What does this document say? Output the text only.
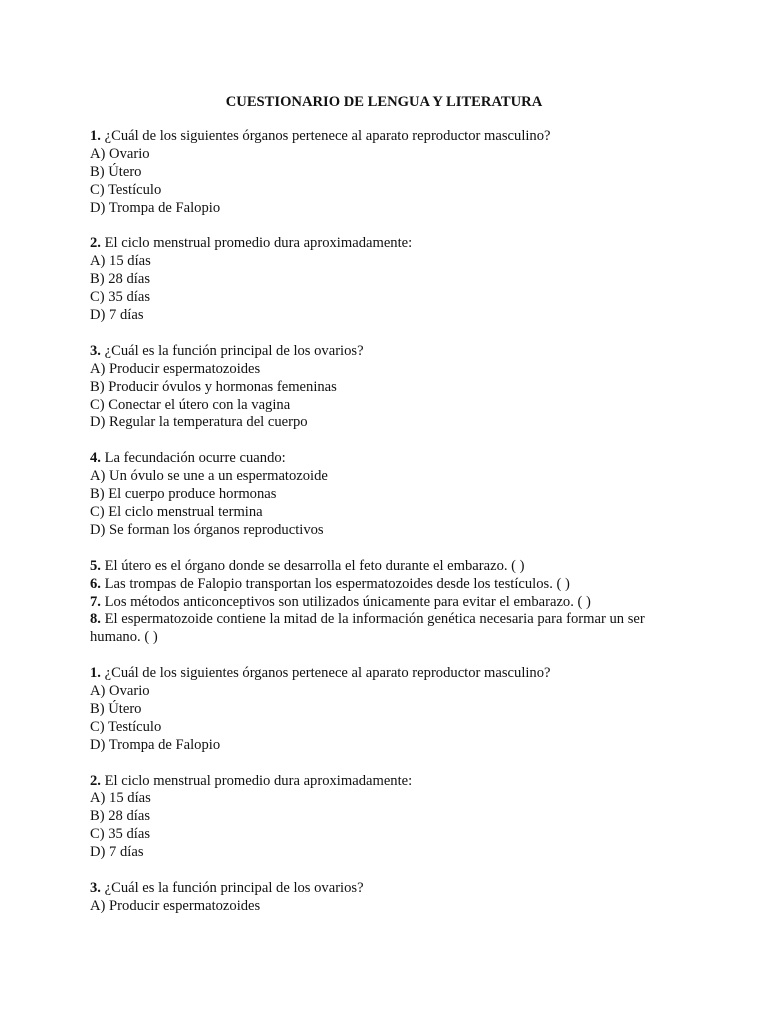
CUESTIONARIO DE LENGUA Y LITERATURA
1. ¿Cuál de los siguientes órganos pertenece al aparato reproductor masculino?
A) Ovario
B) Útero
C) Testículo
D) Trompa de Falopio
2. El ciclo menstrual promedio dura aproximadamente:
A) 15 días
B) 28 días
C) 35 días
D) 7 días
3. ¿Cuál es la función principal de los ovarios?
A) Producir espermatozoides
B) Producir óvulos y hormonas femeninas
C) Conectar el útero con la vagina
D) Regular la temperatura del cuerpo
4. La fecundación ocurre cuando:
A) Un óvulo se une a un espermatozoide
B) El cuerpo produce hormonas
C) El ciclo menstrual termina
D) Se forman los órganos reproductivos
5. El útero es el órgano donde se desarrolla el feto durante el embarazo. ( )
6. Las trompas de Falopio transportan los espermatozoides desde los testículos. ( )
7. Los métodos anticonceptivos son utilizados únicamente para evitar el embarazo. ( )
8. El espermatozoide contiene la mitad de la información genética necesaria para formar un ser humano. ( )
1. ¿Cuál de los siguientes órganos pertenece al aparato reproductor masculino?
A) Ovario
B) Útero
C) Testículo
D) Trompa de Falopio
2. El ciclo menstrual promedio dura aproximadamente:
A) 15 días
B) 28 días
C) 35 días
D) 7 días
3. ¿Cuál es la función principal de los ovarios?
A) Producir espermatozoides
